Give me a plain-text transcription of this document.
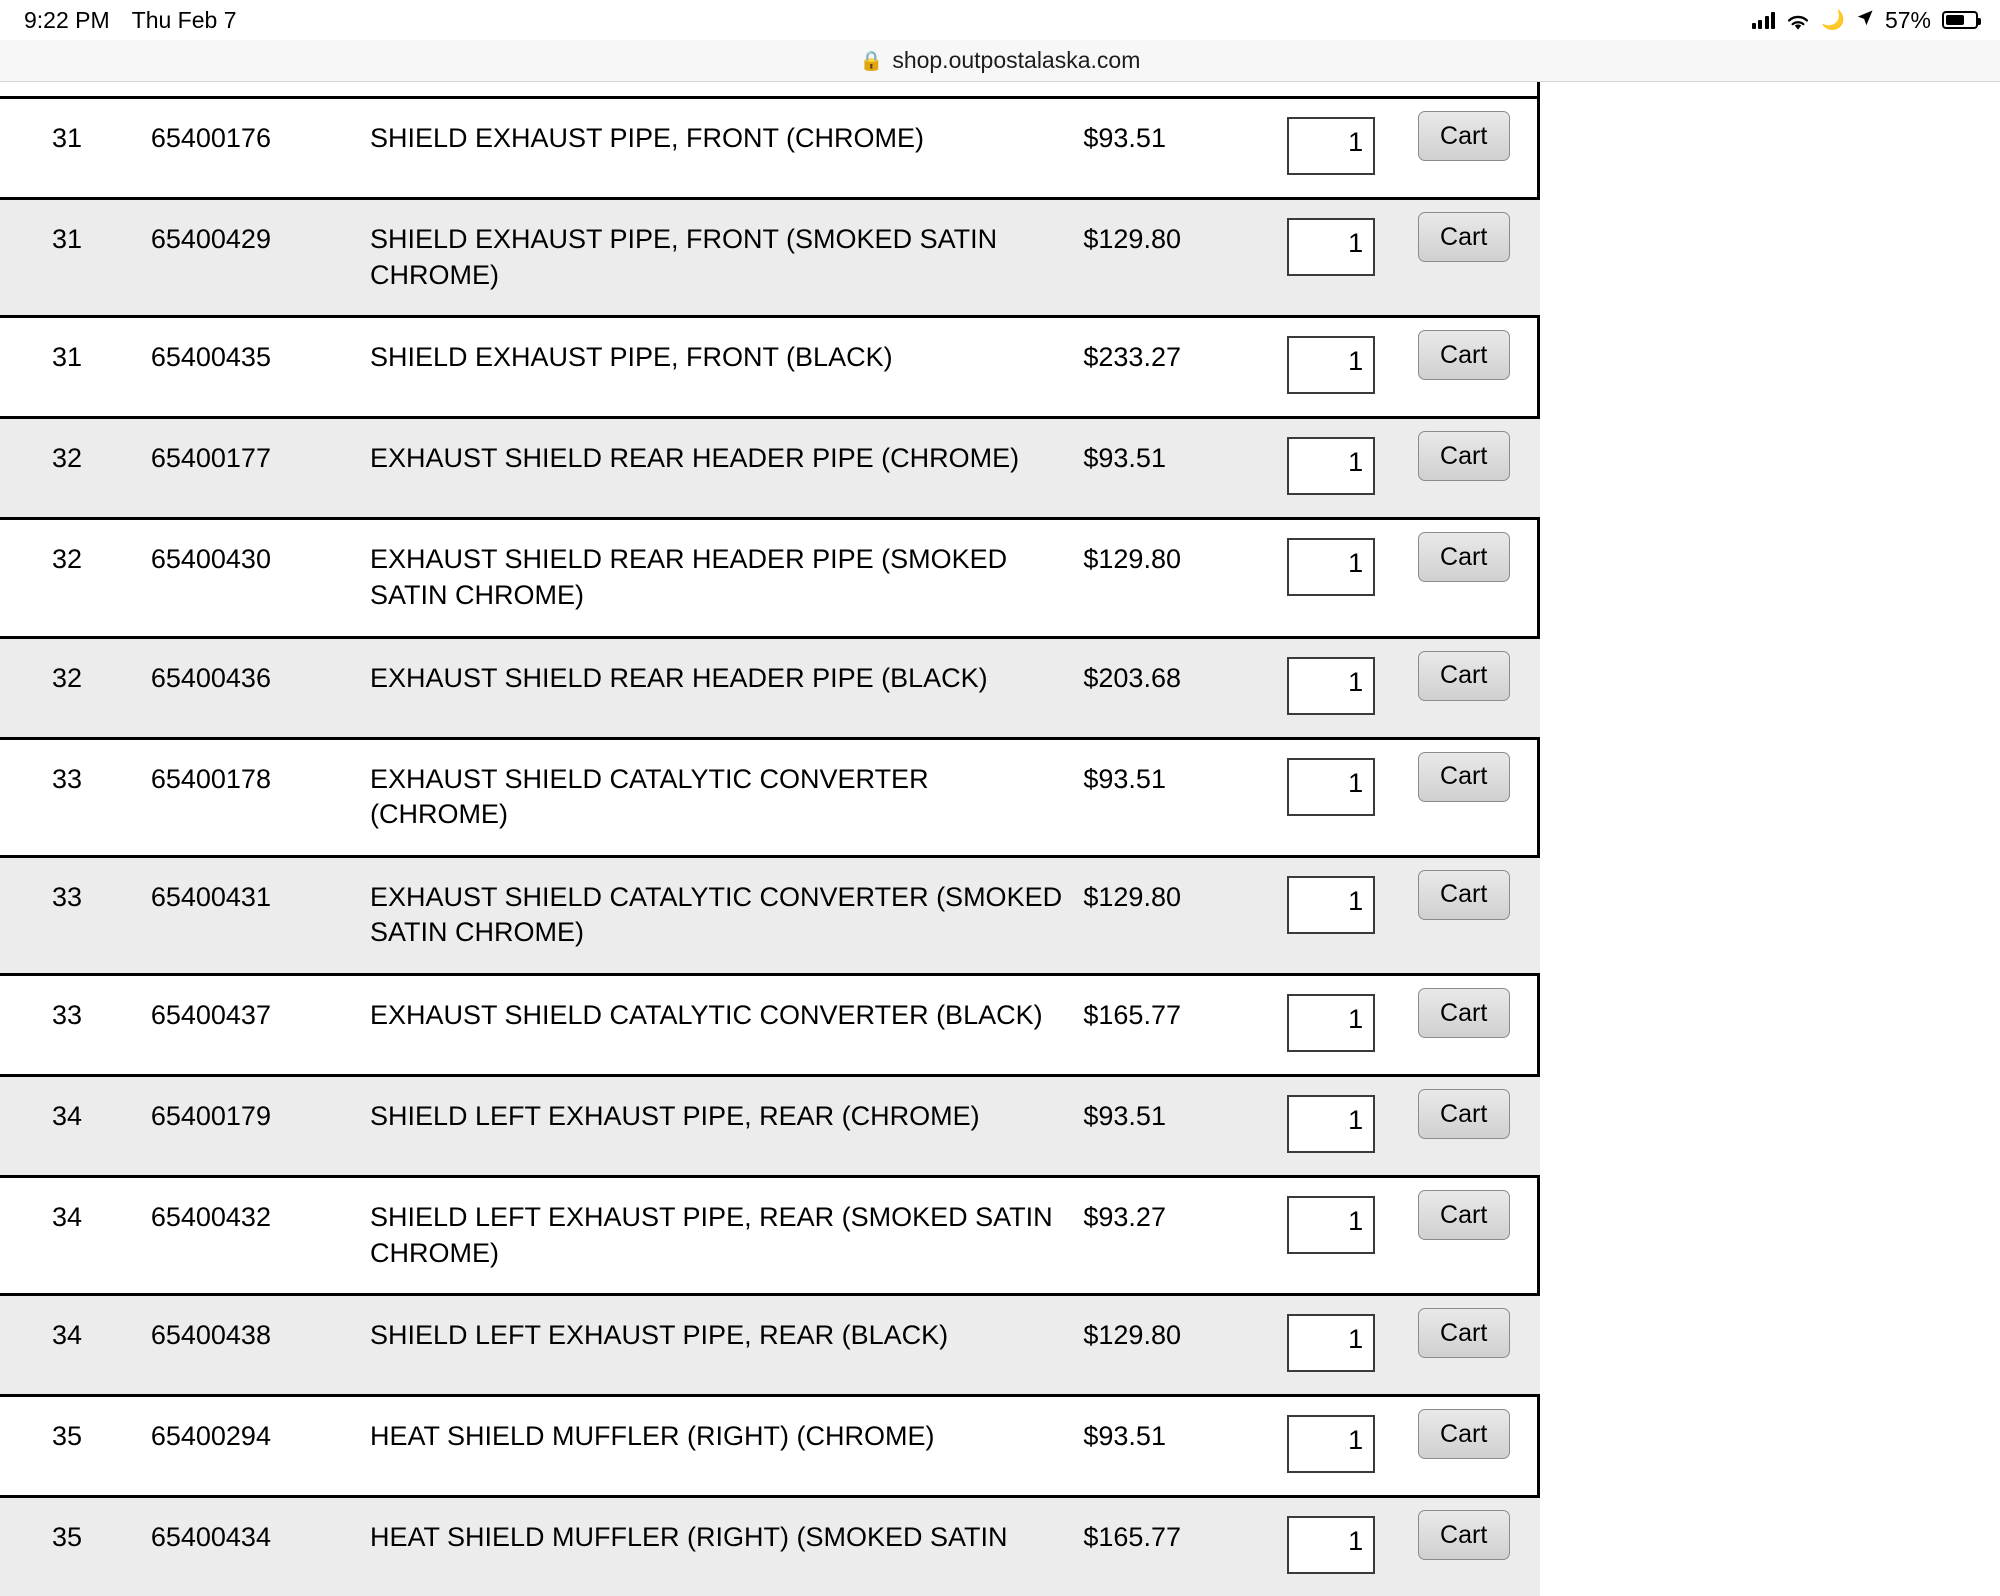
9:22 PM Thu Feb 7	🌙 57%
🔒 shop.outpostalaska.com
31	65400176	SHIELD EXHAUST PIPE, FRONT (CHROME)	$93.51	1	Cart

31	65400429	SHIELD EXHAUST PIPE, FRONT (SMOKED SATIN CHROME)	$129.80	1	Cart

31	65400435	SHIELD EXHAUST PIPE, FRONT (BLACK)	$233.27	1	Cart

32	65400177	EXHAUST SHIELD REAR HEADER PIPE (CHROME)	$93.51	1	Cart

32	65400430	EXHAUST SHIELD REAR HEADER PIPE (SMOKED SATIN CHROME)	$129.80	1	Cart

32	65400436	EXHAUST SHIELD REAR HEADER PIPE (BLACK)	$203.68	1	Cart

33	65400178	EXHAUST SHIELD CATALYTIC CONVERTER (CHROME)	$93.51	1	Cart

33	65400431	EXHAUST SHIELD CATALYTIC CONVERTER (SMOKED SATIN CHROME)	$129.80	1	Cart

33	65400437	EXHAUST SHIELD CATALYTIC CONVERTER (BLACK)	$165.77	1	Cart

34	65400179	SHIELD LEFT EXHAUST PIPE, REAR (CHROME)	$93.51	1	Cart

34	65400432	SHIELD LEFT EXHAUST PIPE, REAR (SMOKED SATIN CHROME)	$93.27	1	Cart

34	65400438	SHIELD LEFT EXHAUST PIPE, REAR (BLACK)	$129.80	1	Cart

35	65400294	HEAT SHIELD MUFFLER (RIGHT) (CHROME)	$93.51	1	Cart

35	65400434	HEAT SHIELD MUFFLER (RIGHT) (SMOKED SATIN	$165.77	1	Cart
